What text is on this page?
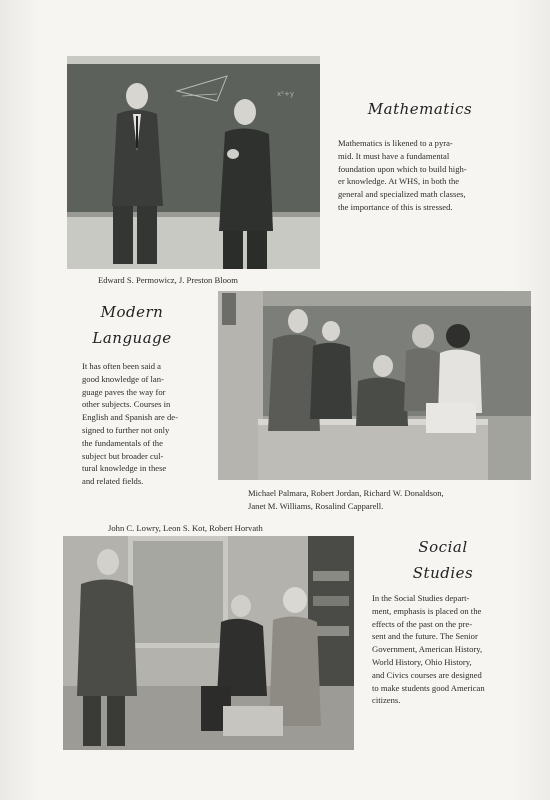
x²+y
Mathematics

Mathematics is likened to a pyra-
mid. It must have a fundamental
foundation upon which to build high-
er knowledge. At WHS, in both the
general and specialized math classes,
the importance of this is stressed.

Edward S. Permowicz, J. Preston Bloom

Modern
Language

It has often been said a
good knowledge of lan-
guage paves the way for
other subjects. Courses in
English and Spanish are de-
signed to further not only
the fundamentals of the
subject but broader cul-
tural knowledge in these
and related fields.

Michael Palmara, Robert Jordan, Richard W. Donaldson,
Janet M. Williams, Rosalind Capparell.

John C. Lowry, Leon S. Kot, Robert Horvath

Social
Studies

In the Social Studies depart-
ment, emphasis is placed on the
effects of the past on the pre-
sent and the future. The Senior
Government, American History,
World History, Ohio History,
and Civics courses are designed
to make students good American
citizens.
